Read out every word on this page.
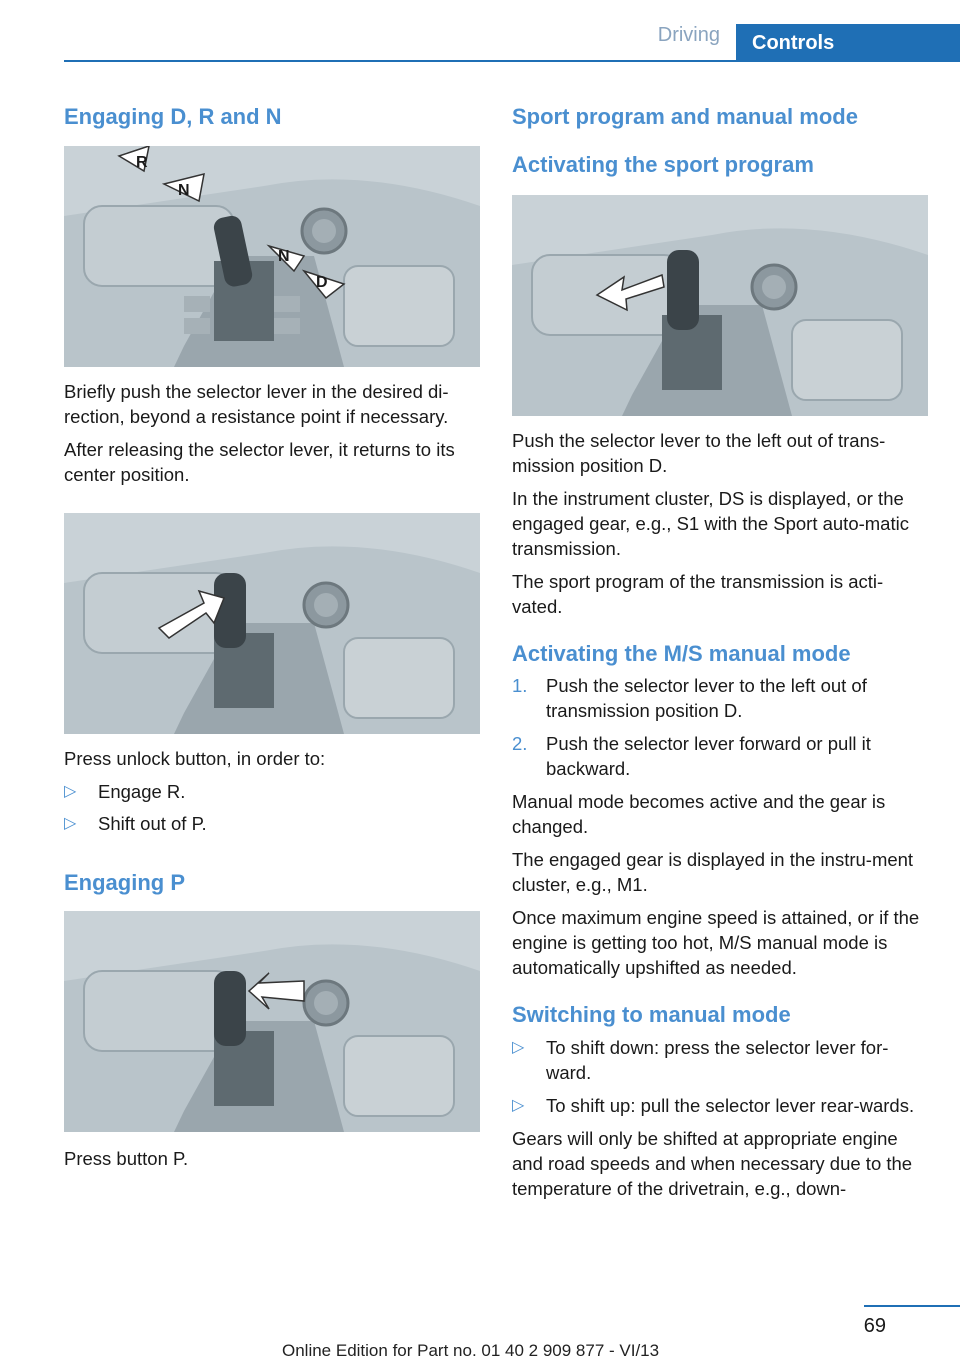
Driving	Controls
Engaging D, R and N
R
N
N
D

Briefly push the selector lever in the desired di-rection, beyond a resistance point if necessary.

After releasing the selector lever, it returns to its center position.

Press unlock button, in order to:

▷ Engage R.
▷ Shift out of P.
Engaging P

Press button P.

Sport program and manual mode
Activating the sport program

Push the selector lever to the left out of trans-mission position D.

In the instrument cluster, DS is displayed, or the engaged gear, e.g., S1 with the Sport auto-matic transmission.

The sport program of the transmission is acti-vated.

Activating the M/S manual mode
1. Push the selector lever to the left out of transmission position D.
2. Push the selector lever forward or pull it backward.

Manual mode becomes active and the gear is changed.

The engaged gear is displayed in the instru-ment cluster, e.g., M1.

Once maximum engine speed is attained, or if the engine is getting too hot, M/S manual mode is automatically upshifted as needed.

Switching to manual mode
▷ To shift down: press the selector lever for-ward.
▷ To shift up: pull the selector lever rear-wards.

Gears will only be shifted at appropriate engine and road speeds and when necessary due to the temperature of the drivetrain, e.g., down-

69
Online Edition for Part no. 01 40 2 909 877 - VI/13
